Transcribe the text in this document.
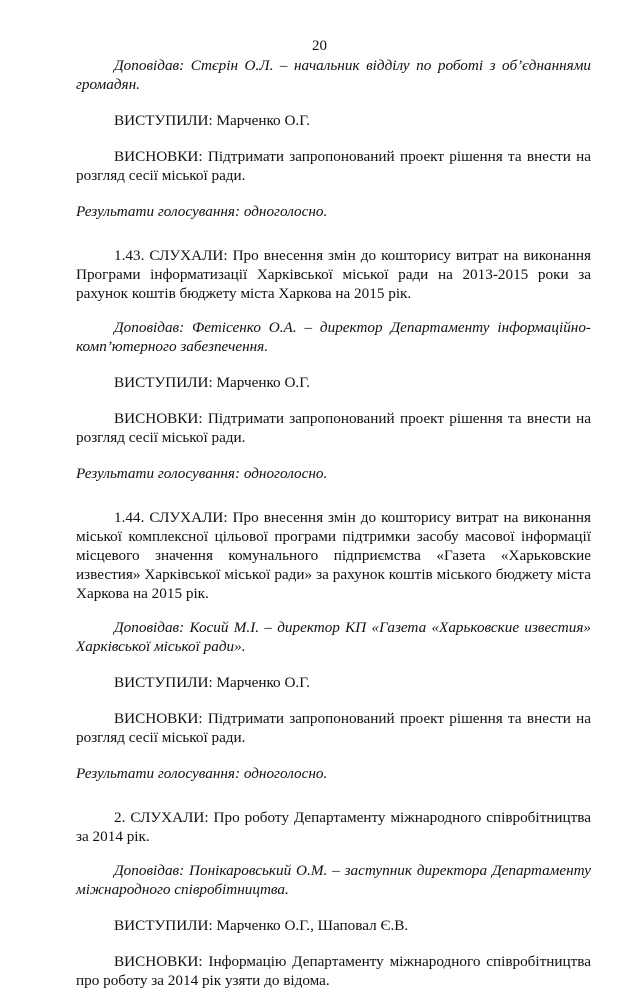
20

Доповідав: Стєрін О.Л. – начальник відділу по роботі з об’єднаннями громадян.

ВИСТУПИЛИ: Марченко О.Г.

ВИСНОВКИ: Підтримати запропонований проект рішення та внести на розгляд сесії міської ради.

Результати голосування: одноголосно.

1.43. СЛУХАЛИ: Про внесення змін до кошторису витрат на виконання Програми інформатизації Харківської міської ради на 2013-2015 роки за рахунок коштів бюджету міста Харкова на 2015 рік.

Доповідав: Фетісенко О.А. – директор Департаменту інформаційно-комп’ютерного забезпечення.

ВИСТУПИЛИ: Марченко О.Г.

ВИСНОВКИ: Підтримати запропонований проект рішення та внести на розгляд сесії міської ради.

Результати голосування: одноголосно.

1.44. СЛУХАЛИ: Про внесення змін до кошторису витрат на виконання міської комплексної цільової програми підтримки засобу масової інформації місцевого значення комунального підприємства «Газета «Харьковские известия» Харківської міської ради» за рахунок коштів міського бюджету міста Харкова на 2015 рік.

Доповідав: Косий М.І. – директор КП «Газета «Харьковские известия» Харківської міської ради».

ВИСТУПИЛИ: Марченко О.Г.

ВИСНОВКИ: Підтримати запропонований проект рішення та внести на розгляд сесії міської ради.

Результати голосування: одноголосно.

2. СЛУХАЛИ: Про роботу Департаменту міжнародного співробітництва за 2014 рік.

Доповідав: Понікаровський О.М. – заступник директора Департаменту міжнародного співробітництва.

ВИСТУПИЛИ: Марченко О.Г., Шаповал Є.В.

ВИСНОВКИ: Інформацію Департаменту міжнародного співробітництва про роботу за 2014 рік узяти до відома.
